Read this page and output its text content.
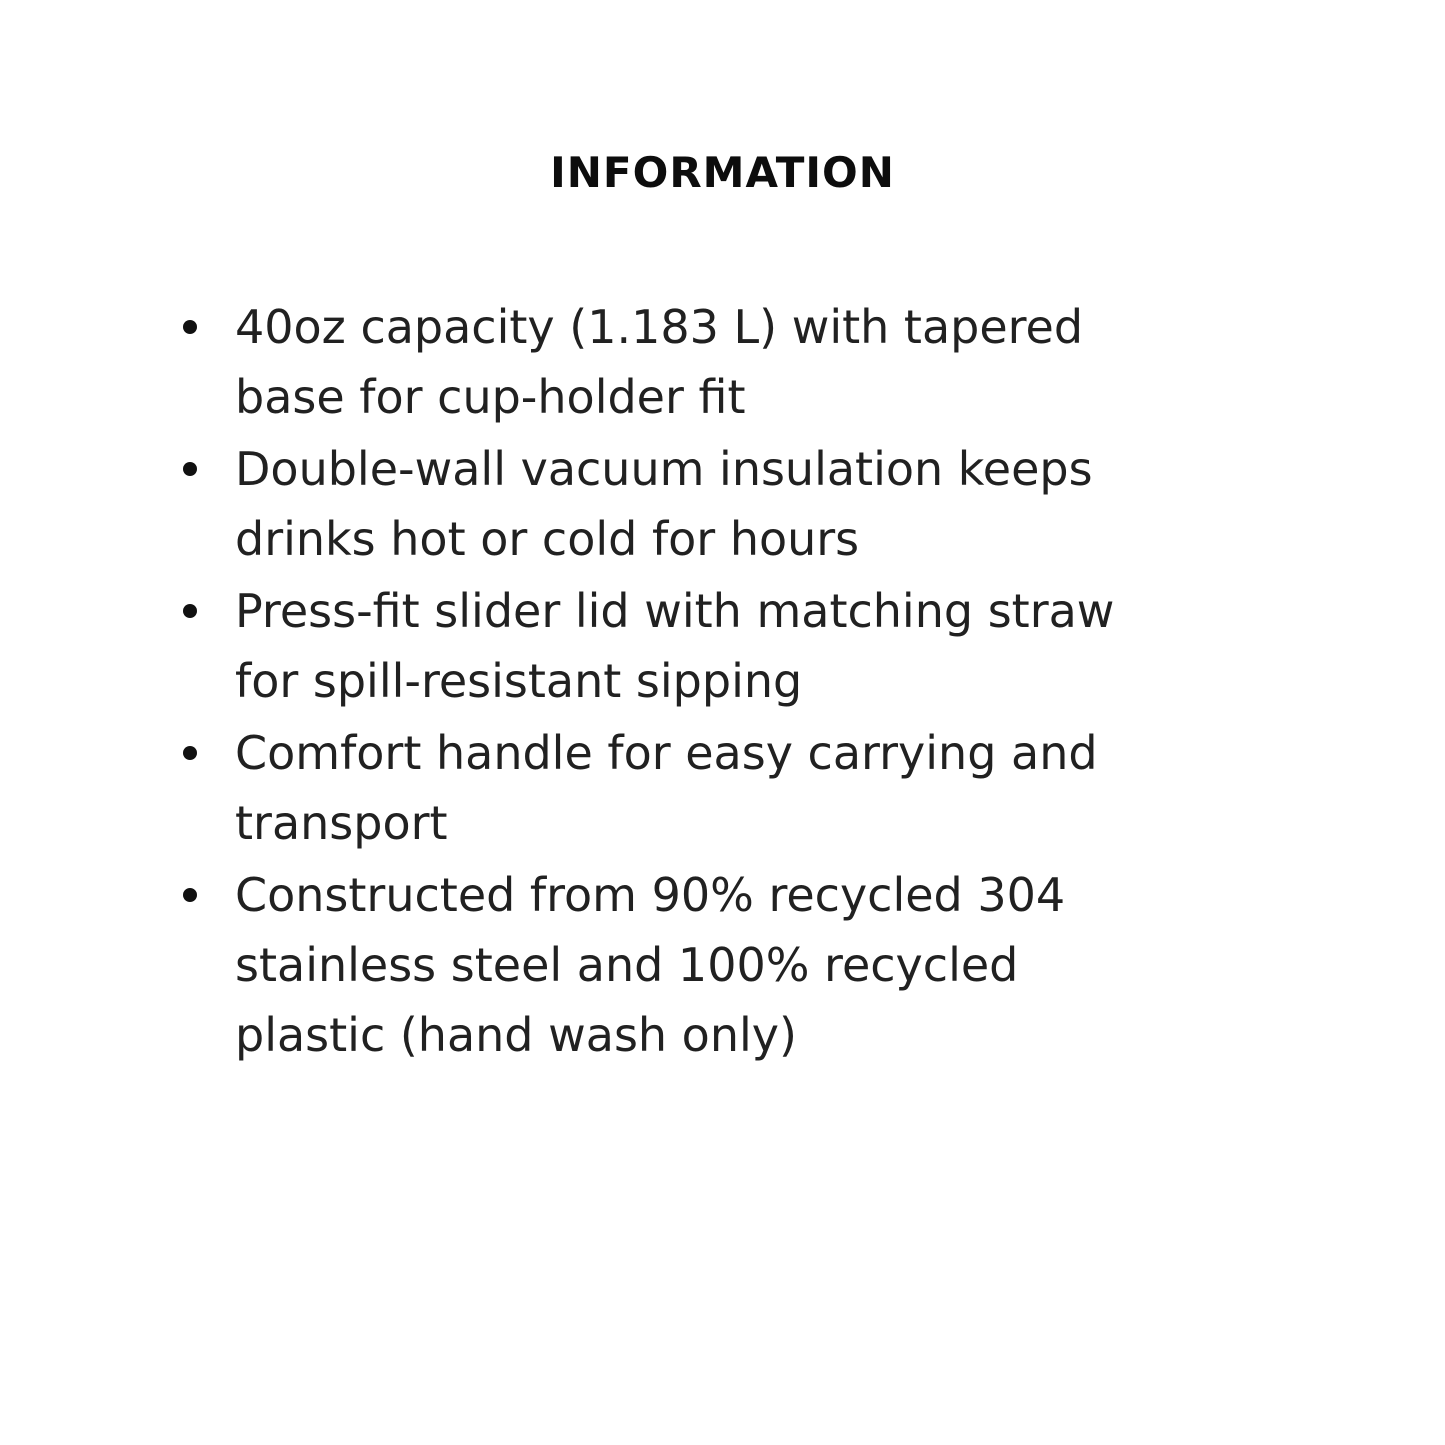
INFORMATION
40oz capacity (1.183 L) with tapered base for cup-holder fit
Double-wall vacuum insulation keeps drinks hot or cold for hours
Press-fit slider lid with matching straw for spill-resistant sipping
Comfort handle for easy carrying and transport
Constructed from 90% recycled 304 stainless steel and 100% recycled plastic (hand wash only)
